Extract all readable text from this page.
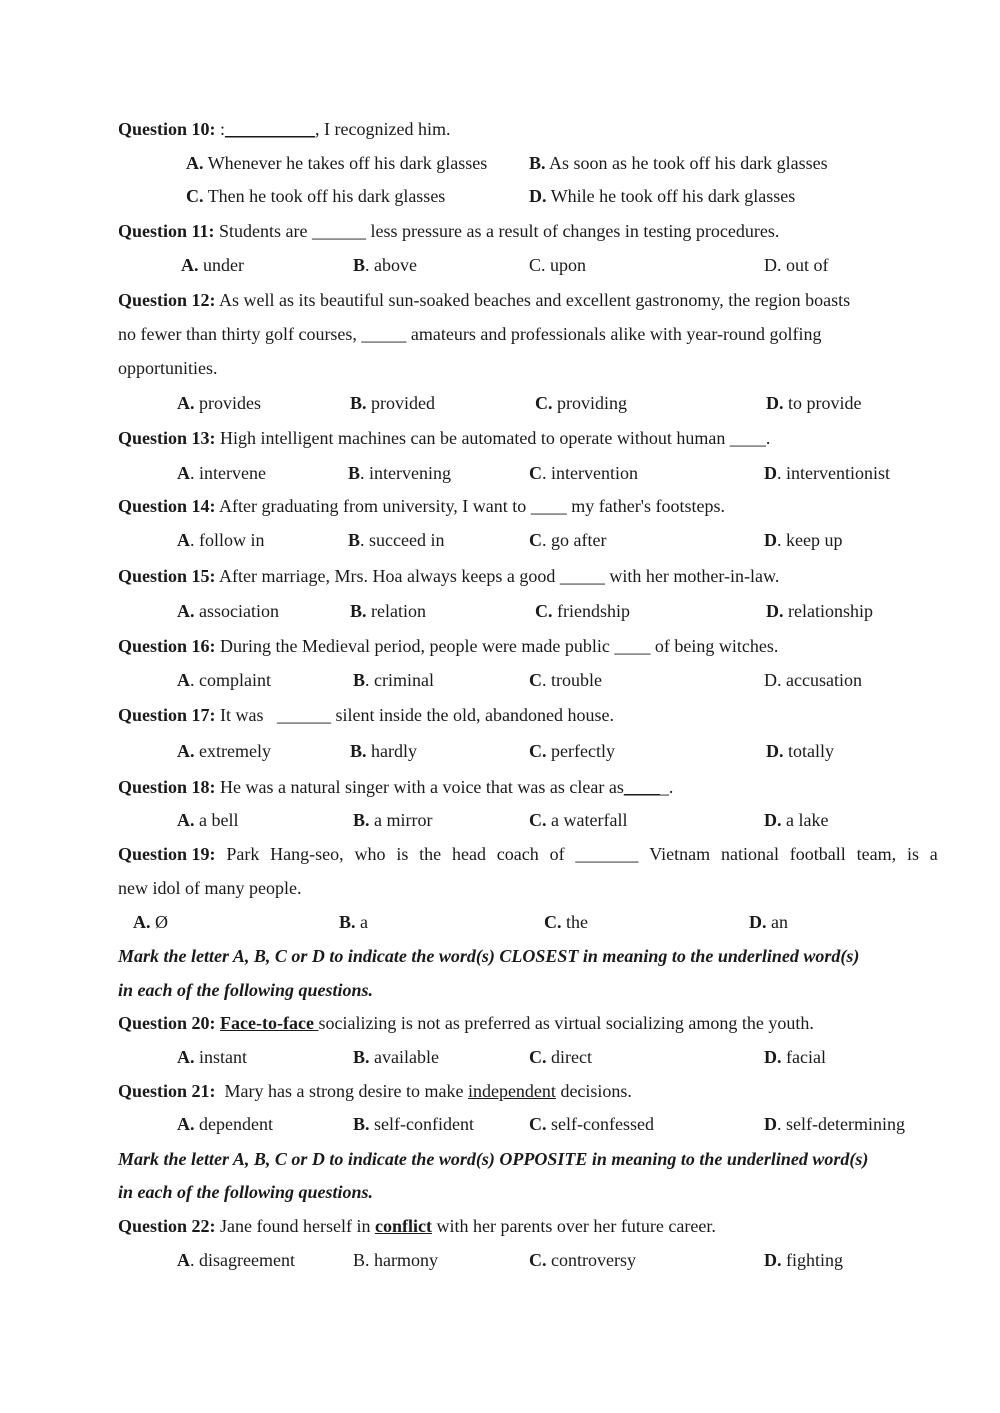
Question 10: :__________, I recognized him.
A. Whenever he takes off his dark glasses B. As soon as he took off his dark glasses
C. Then he took off his dark glasses	D. While he took off his dark glasses
Question 11: Students are ______ less pressure as a result of changes in testing procedures.
A. under	B. above	C. upon	D. out of
Question 12: As well as its beautiful sun-soaked beaches and excellent gastronomy, the region boasts
no fewer than thirty golf courses, _____ amateurs and professionals alike with year-round golfing
opportunities.
A. provides	B. provided	C. providing	D. to provide
Question 13: High intelligent machines can be automated to operate without human ____.
A. intervene	B. intervening	C. intervention	D. interventionist
Question 14: After graduating from university, I want to ____ my father's footsteps.
A. follow in	B. succeed in	C. go after	D. keep up
Question 15: After marriage, Mrs. Hoa always keeps a good _____ with her mother-in-law.
A. association	B. relation	C. friendship	D. relationship
Question 16: During the Medieval period, people were made public ____ of being witches.
A. complaint	B. criminal	C. trouble	D. accusation
Question 17: It was   ______ silent inside the old, abandoned house.
A. extremely	B. hardly	C. perfectly	D. totally
Question 18: He was a natural singer with a voice that was as clear as_____.
A. a bell	B. a mirror	C. a waterfall	D. a lake
Question 19: Park Hang-seo, who is the head coach of _______ Vietnam national football team, is a
new idol of many people.
A. Ø	B. a	C. the	D. an
Mark the letter A, B, C or D to indicate the word(s) CLOSEST in meaning to the underlined word(s)
in each of the following questions.
Question 20: Face-to-face socializing is not as preferred as virtual socializing among the youth.
A. instant	B. available	C. direct	D. facial
Question 21:  Mary has a strong desire to make independent decisions.
A. dependent	B. self-confident	C. self-confessed	D. self-determining
Mark the letter A, B, C or D to indicate the word(s) OPPOSITE in meaning to the underlined word(s)
in each of the following questions.
Question 22: Jane found herself in conflict with her parents over her future career.
A. disagreement	B. harmony	C. controversy	D. fighting
